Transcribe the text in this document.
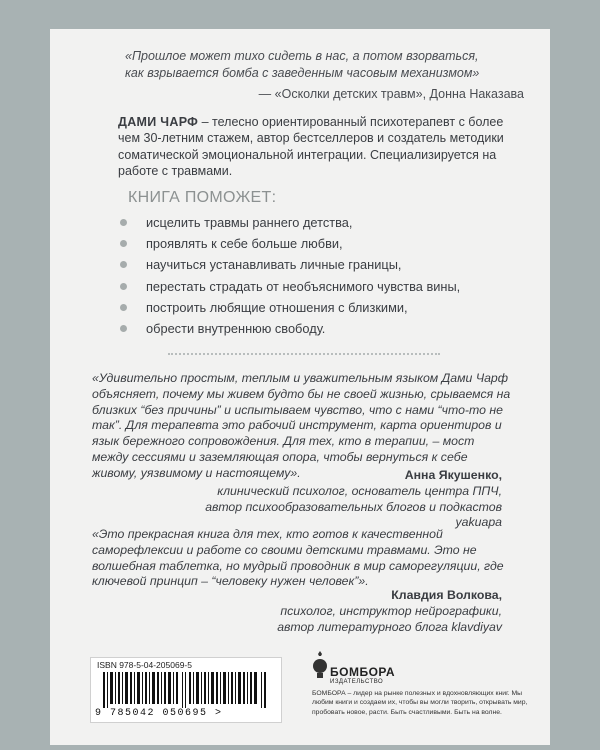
«Прошлое может тихо сидеть в нас, а потом взорваться,
как взрывается бомба с заведенным часовым механизмом»
— «Осколки детских травм», Донна Наказава
ДАМИ ЧАРФ – телесно ориентированный психотерапевт с более чем 30-летним стажем, автор бестселлеров и создатель методики соматической эмоциональной интеграции. Специализируется на работе с травмами.
КНИГА ПОМОЖЕТ:
исцелить травмы раннего детства,
проявлять к себе больше любви,
научиться устанавливать личные границы,
перестать страдать от необъяснимого чувства вины,
построить любящие отношения с близкими,
обрести внутреннюю свободу.
«Удивительно простым, теплым и уважительным языком Дами Чарф объясняет, почему мы живем будто бы не своей жизнью, срываемся на близких “без причины” и испытываем чувство, что с нами “что-то не так”. Для терапевта это рабочий инструмент, карта ориентиров и язык бережного сопровождения. Для тех, кто в терапии, – мост между сессиями и заземляющая опора, чтобы вернуться к себе живому, уязвимому и настоящему».	Анна Якушенко,
клинический психолог, основатель центра ППЧ,
автор психообразовательных блогов и подкастов yakuapa
«Это прекрасная книга для тех, кто готов к качественной саморефлексии и работе со своими детскими травмами. Это не волшебная таблетка, но мудрый проводник в мир саморегуляции, где ключевой принцип – “человеку нужен человек”».
Клавдия Волкова,
психолог, инструктор нейрографики,
автор литературного блога klavdiyav
ISBN 978-5-04-205069-5
9 785042 050695 >
БОМБОРА
ИЗДАТЕЛЬСТВО
БОМБОРА – лидер на рынке полезных и вдохновляющих книг. Мы любим книги и создаем их, чтобы вы могли творить, открывать мир, пробовать новое, расти. Быть счастливыми. Быть на волне.
